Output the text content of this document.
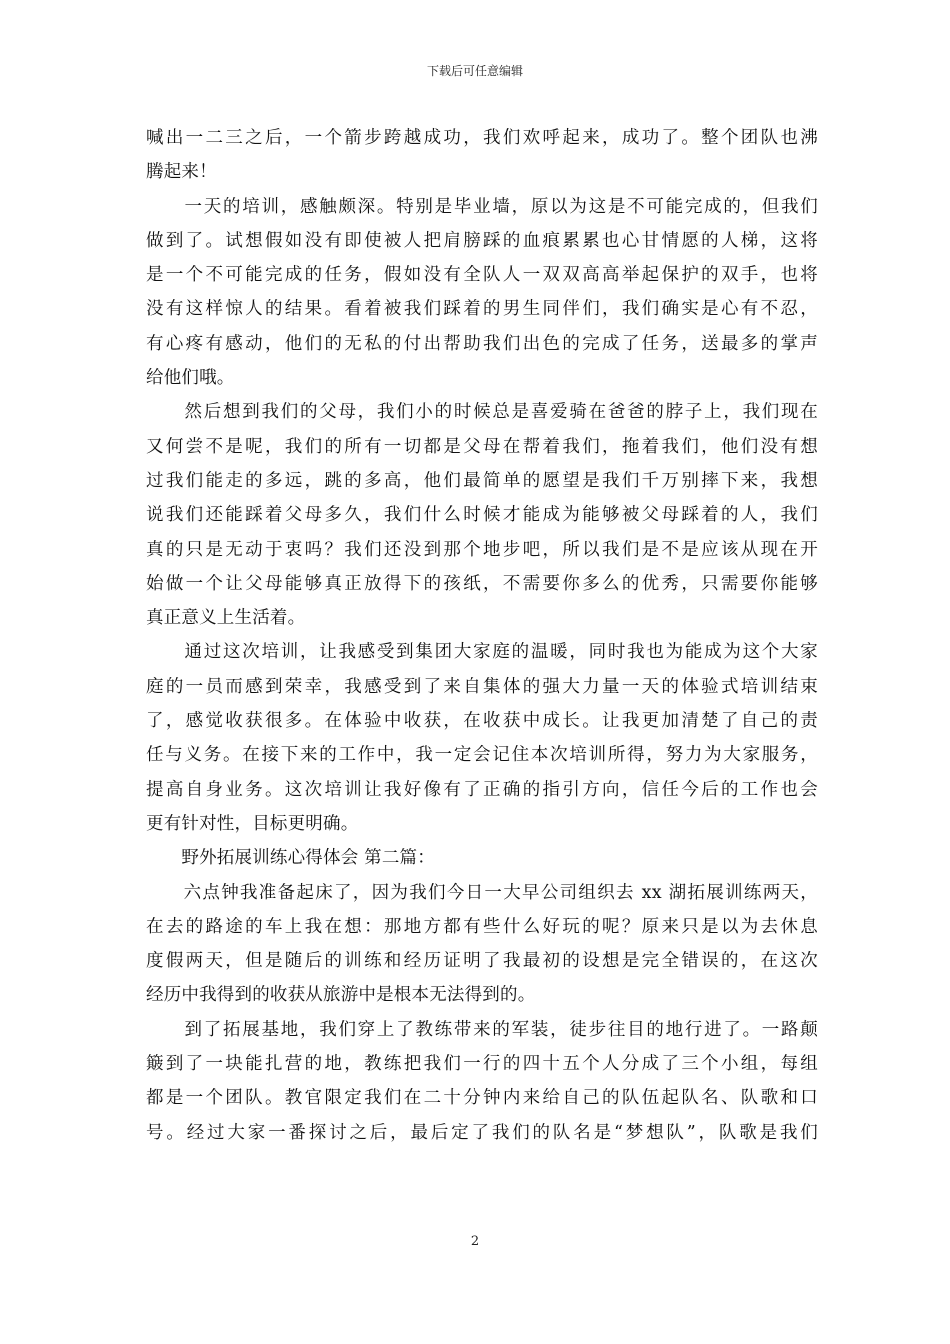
下载后可任意编辑
喊出一二三之后，一个箭步跨越成功，我们欢呼起来，成功了。整个团队也沸
腾起来！
　　一天的培训，感触颇深。特别是毕业墙，原以为这是不可能完成的，但我们
做到了。试想假如没有即使被人把肩膀踩的血痕累累也心甘情愿的人梯，这将
是一个不可能完成的任务，假如没有全队人一双双高高举起保护的双手，也将
没有这样惊人的结果。看着被我们踩着的男生同伴们，我们确实是心有不忍，
有心疼有感动，他们的无私的付出帮助我们出色的完成了任务，送最多的掌声
给他们哦。
　　然后想到我们的父母，我们小的时候总是喜爱骑在爸爸的脖子上，我们现在
又何尝不是呢，我们的所有一切都是父母在帮着我们，拖着我们，他们没有想
过我们能走的多远，跳的多高，他们最简单的愿望是我们千万别摔下来，我想
说我们还能踩着父母多久，我们什么时候才能成为能够被父母踩着的人，我们
真的只是无动于衷吗？我们还没到那个地步吧，所以我们是不是应该从现在开
始做一个让父母能够真正放得下的孩纸，不需要你多么的优秀，只需要你能够
真正意义上生活着。
　　通过这次培训，让我感受到集团大家庭的温暖，同时我也为能成为这个大家
庭的一员而感到荣幸，我感受到了来自集体的强大力量一天的体验式培训结束
了，感觉收获很多。在体验中收获，在收获中成长。让我更加清楚了自己的责
任与义务。在接下来的工作中，我一定会记住本次培训所得，努力为大家服务，
提高自身业务。这次培训让我好像有了正确的指引方向，信任今后的工作也会
更有针对性，目标更明确。
　　野外拓展训练心得体会 第二篇：
　　六点钟我准备起床了，因为我们今日一大早公司组织去 xx 湖拓展训练两天，
在去的路途的车上我在想：那地方都有些什么好玩的呢？原来只是以为去休息
度假两天，但是随后的训练和经历证明了我最初的设想是完全错误的，在这次
经历中我得到的收获从旅游中是根本无法得到的。
　　到了拓展基地，我们穿上了教练带来的军装，徒步往目的地行进了。一路颠
簸到了一块能扎营的地，教练把我们一行的四十五个人分成了三个小组，每组
都是一个团队。教官限定我们在二十分钟内来给自己的队伍起队名、队歌和口
号。经过大家一番探讨之后，最后定了我们的队名是“梦想队”，队歌是我们
2
